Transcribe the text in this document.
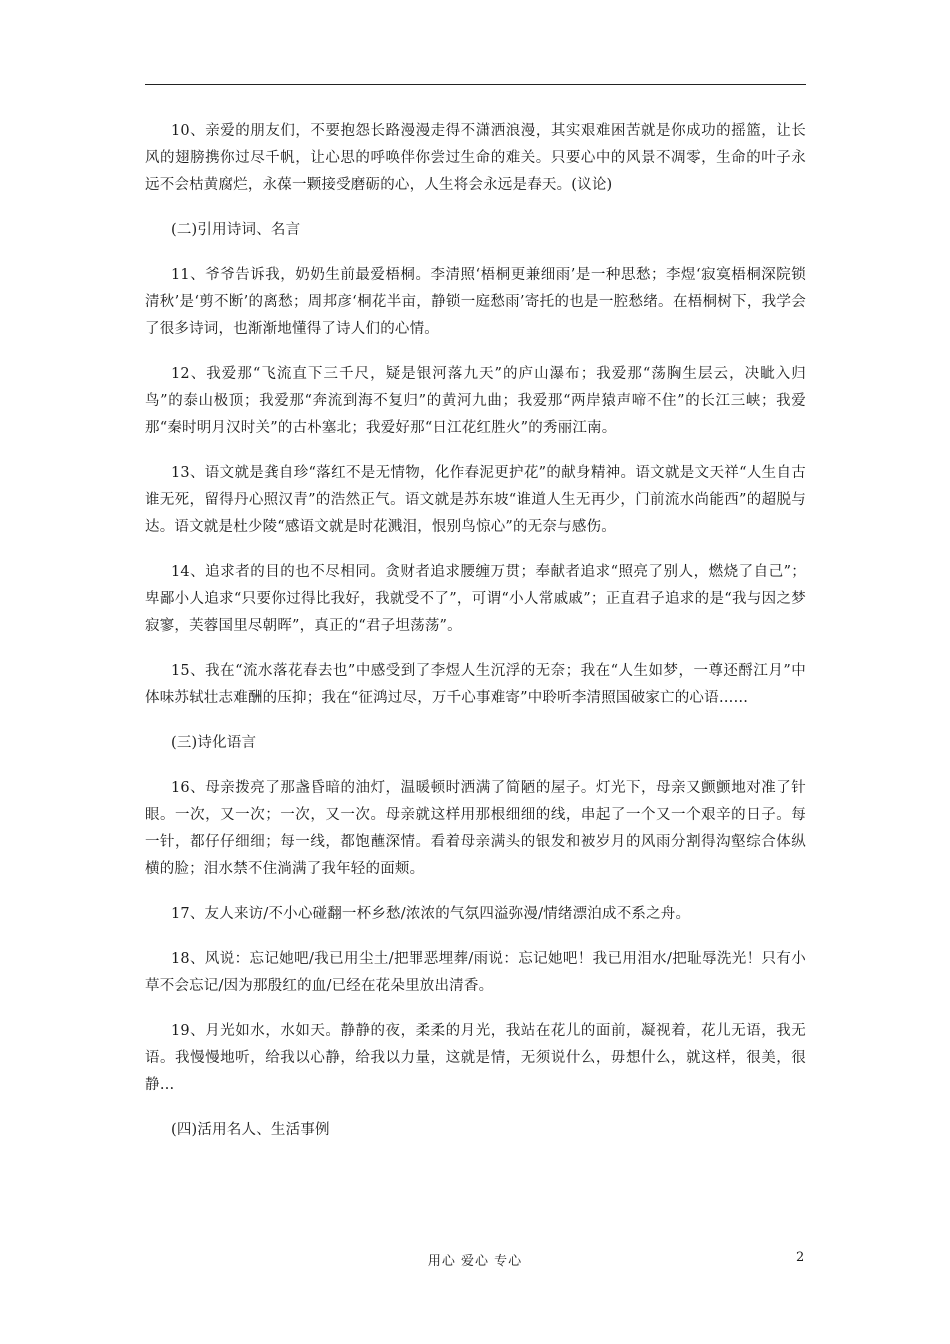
10、亲爱的朋友们，不要抱怨长路漫漫走得不潇洒浪漫，其实艰难困苦就是你成功的摇篮，让长风的翅膀携你过尽千帆，让心思的呼唤伴你尝过生命的难关。只要心中的风景不凋零，生命的叶子永远不会枯黄腐烂，永葆一颗接受磨砺的心，人生将会永远是春天。(议论)

(二)引用诗词、名言

11、爷爷告诉我，奶奶生前最爱梧桐。李清照‘梧桐更兼细雨’是一种思愁；李煜‘寂寞梧桐深院锁清秋’是‘剪不断’的离愁；周邦彦‘桐花半亩，静锁一庭愁雨’寄托的也是一腔愁绪。在梧桐树下，我学会了很多诗词，也渐渐地懂得了诗人们的心情。

12、我爱那“飞流直下三千尺，疑是银河落九天”的庐山瀑布；我爱那“荡胸生层云，决眦入归鸟”的泰山极顶；我爱那“奔流到海不复归”的黄河九曲；我爱那“两岸猿声啼不住”的长江三峡；我爱那“秦时明月汉时关”的古朴塞北；我爱好那“日江花红胜火”的秀丽江南。

13、语文就是龚自珍“落红不是无情物，化作春泥更护花”的献身精神。语文就是文天祥“人生自古谁无死，留得丹心照汉青”的浩然正气。语文就是苏东坡“谁道人生无再少，门前流水尚能西”的超脱与达。语文就是杜少陵“感语文就是时花溅泪，恨别鸟惊心”的无奈与感伤。

14、追求者的目的也不尽相同。贪财者追求腰缠万贯；奉献者追求“照亮了别人，燃烧了自己”；卑鄙小人追求“只要你过得比我好，我就受不了”，可谓“小人常戚戚”；正直君子追求的是“我与因之梦寂寥，芙蓉国里尽朝晖”，真正的“君子坦荡荡”。

15、我在“流水落花春去也”中感受到了李煜人生沉浮的无奈；我在“人生如梦，一尊还酹江月”中体味苏轼壮志难酬的压抑；我在“征鸿过尽，万千心事难寄”中聆听李清照国破家亡的心语……

(三)诗化语言

16、母亲拨亮了那盏昏暗的油灯，温暖顿时洒满了简陋的屋子。灯光下，母亲又颤颤地对准了针眼。一次，又一次；一次，又一次。母亲就这样用那根细细的线，串起了一个又一个艰辛的日子。每一针，都仔仔细细；每一线，都饱蘸深情。看着母亲满头的银发和被岁月的风雨分割得沟壑综合体纵横的脸；泪水禁不住淌满了我年轻的面颊。

17、友人来访/不小心碰翻一杯乡愁/浓浓的气氛四溢弥漫/情绪漂泊成不系之舟。

18、风说：忘记她吧/我已用尘土/把罪恶埋葬/雨说：忘记她吧！我已用泪水/把耻辱洗光！只有小草不会忘记/因为那殷红的血/已经在花朵里放出清香。

19、月光如水，水如天。静静的夜，柔柔的月光，我站在花儿的面前，凝视着，花儿无语，我无语。我慢慢地听，给我以心静，给我以力量，这就是情，无须说什么，毋想什么，就这样，很美，很静…

(四)活用名人、生活事例

用心 爱心 专心	2
